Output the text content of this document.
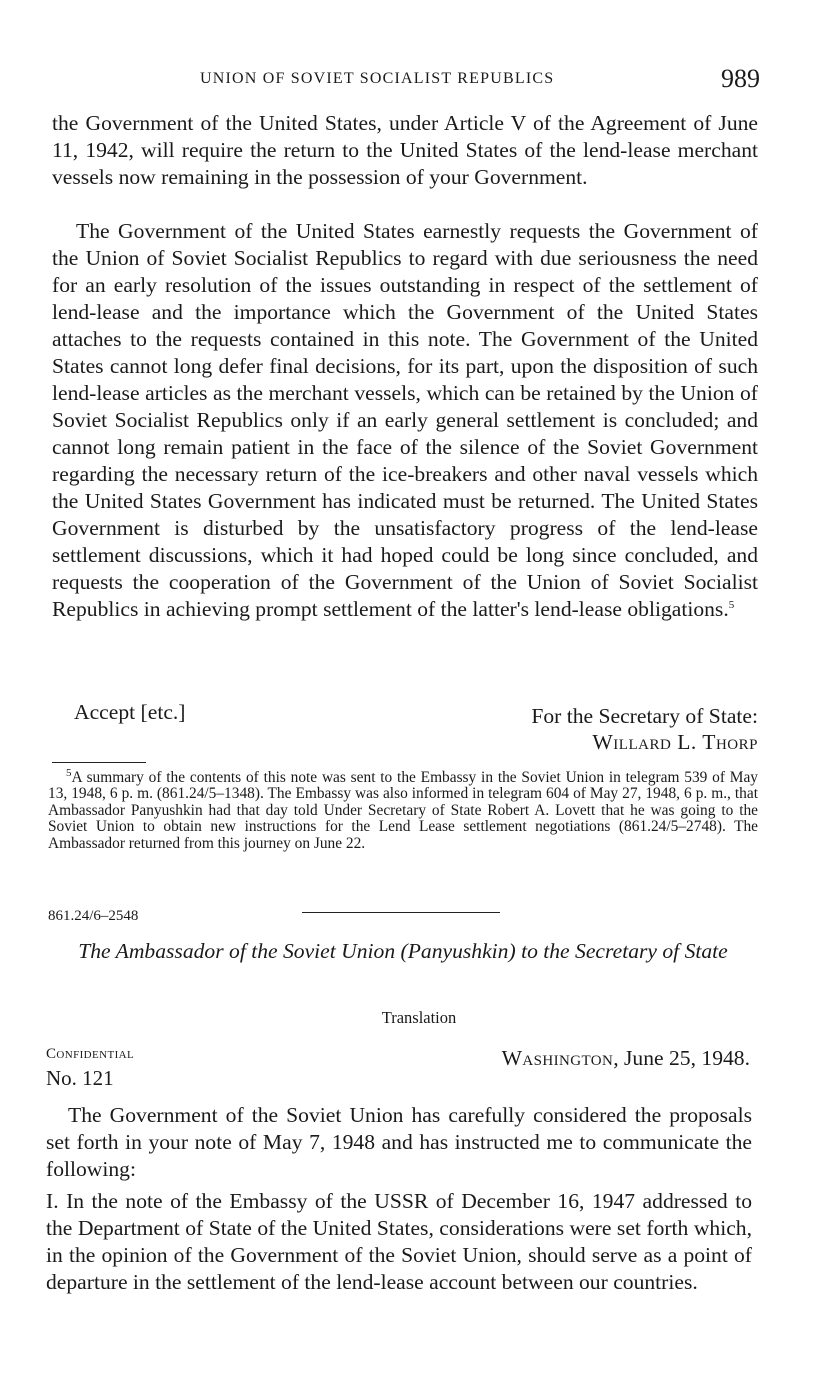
UNION OF SOVIET SOCIALIST REPUBLICS	989

the Government of the United States, under Article V of the Agreement of June 11, 1942, will require the return to the United States of the lend-lease merchant vessels now remaining in the possession of your Government.

The Government of the United States earnestly requests the Government of the Union of Soviet Socialist Republics to regard with due seriousness the need for an early resolution of the issues outstanding in respect of the settlement of lend-lease and the importance which the Government of the United States attaches to the requests contained in this note. The Government of the United States cannot long defer final decisions, for its part, upon the disposition of such lend-lease articles as the merchant vessels, which can be retained by the Union of Soviet Socialist Republics only if an early general settlement is concluded; and cannot long remain patient in the face of the silence of the Soviet Government regarding the necessary return of the ice-breakers and other naval vessels which the United States Government has indicated must be returned. The United States Government is disturbed by the unsatisfactory progress of the lend-lease settlement discussions, which it had hoped could be long since concluded, and requests the cooperation of the Government of the Union of Soviet Socialist Republics in achieving prompt settlement of the latter's lend-lease obligations.$^5$

Accept [etc.]	For the Secretary of State:
Willard L. Thorp

$^5$A summary of the contents of this note was sent to the Embassy in the Soviet Union in telegram 539 of May 13, 1948, 6 p. m. (861.24/5–1348). The Embassy was also informed in telegram 604 of May 27, 1948, 6 p. m., that Ambassador Panyushkin had that day told Under Secretary of State Robert A. Lovett that he was going to the Soviet Union to obtain new instructions for the Lend Lease settlement negotiations (861.24/5–2748). The Ambassador returned from this journey on June 22.

861.24/6–2548

The Ambassador of the Soviet Union (Panyushkin) to the Secretary of State

Translation
Confidential
No. 121
Washington, June 25, 1948.

The Government of the Soviet Union has carefully considered the proposals set forth in your note of May 7, 1948 and has instructed me to communicate the following:

I. In the note of the Embassy of the USSR of December 16, 1947 addressed to the Department of State of the United States, considerations were set forth which, in the opinion of the Government of the Soviet Union, should serve as a point of departure in the settlement of the lend-lease account between our countries.
